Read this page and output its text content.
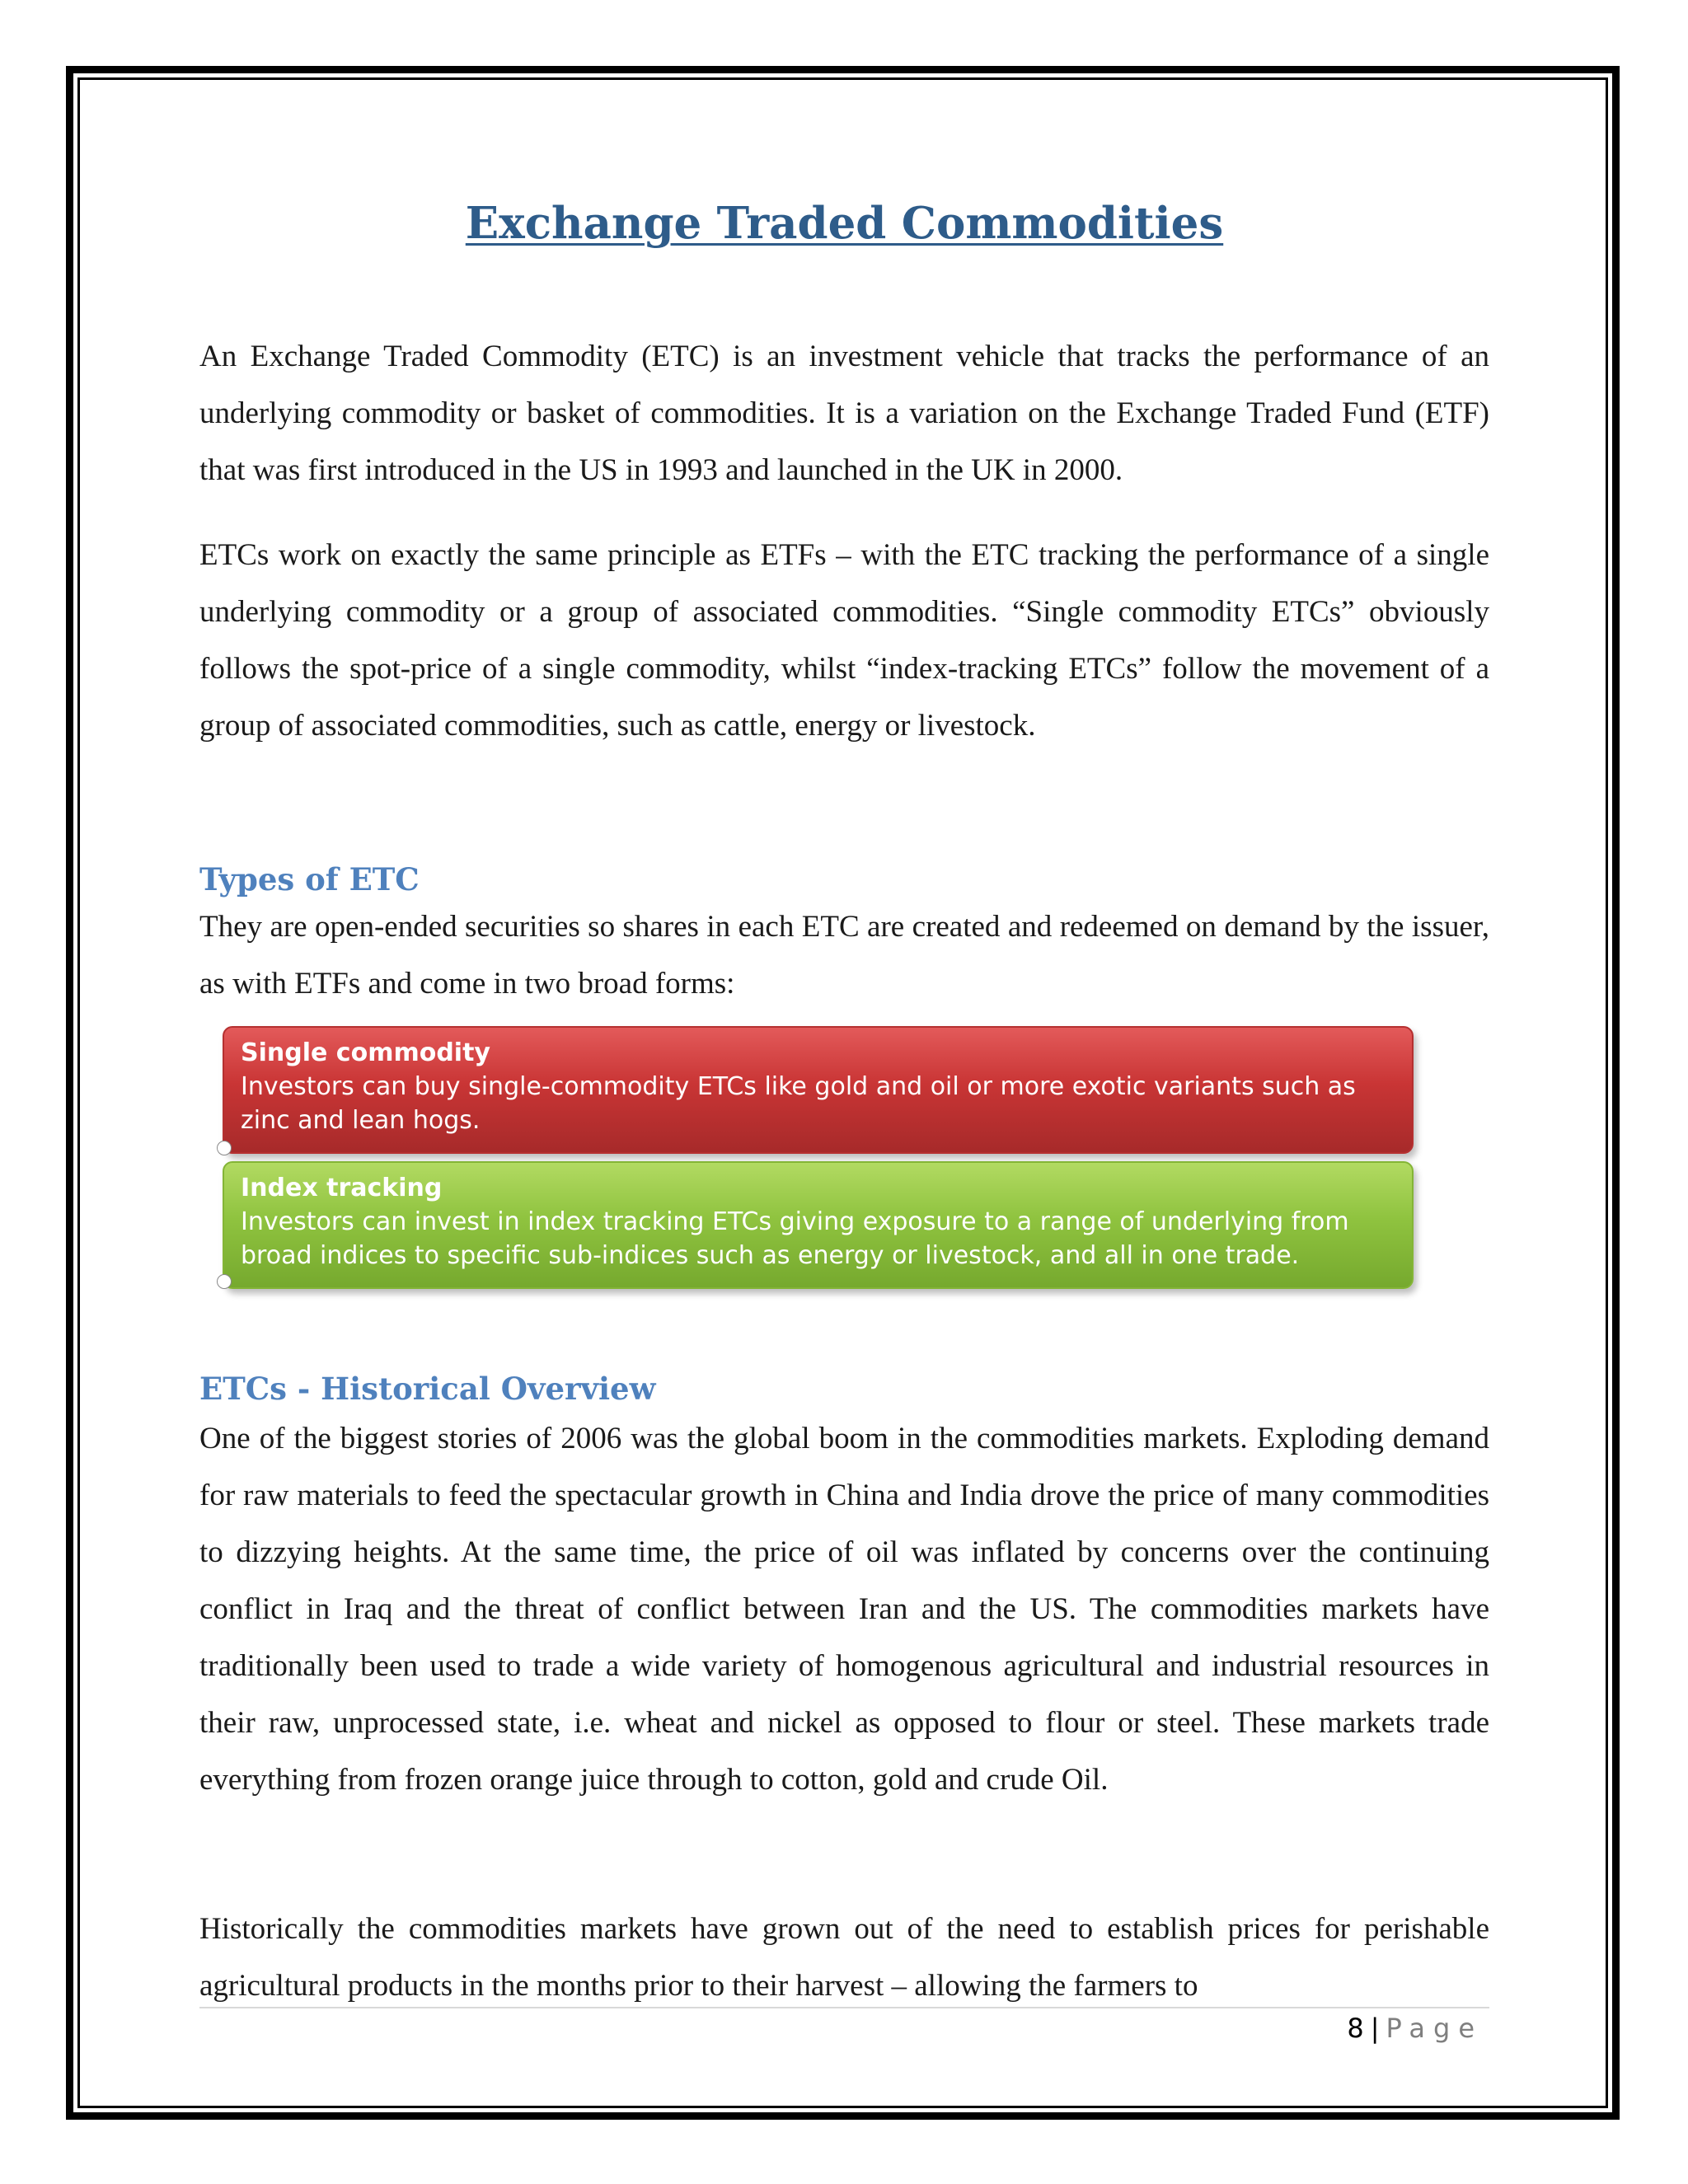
Exchange Traded Commodities

An Exchange Traded Commodity (ETC) is an investment vehicle that tracks the performance of an underlying commodity or basket of commodities. It is a variation on the Exchange Traded Fund (ETF) that was first introduced in the US in 1993 and launched in the UK in 2000.

ETCs work on exactly the same principle as ETFs – with the ETC tracking the performance of a single underlying commodity or a group of associated commodities. “Single commodity ETCs” obviously follows the spot-price of a single commodity, whilst “index-tracking ETCs” follow the movement of a group of associated commodities, such as cattle, energy or livestock.

Types of ETC

They are open-ended securities so shares in each ETC are created and redeemed on demand by the issuer, as with ETFs and come in two broad forms:

ETCs - Historical Overview

One of the biggest stories of 2006 was the global boom in the commodities markets. Exploding demand for raw materials to feed the spectacular growth in China and India drove the price of many commodities to dizzying heights. At the same time, the price of oil was inflated by concerns over the continuing conflict in Iraq and the threat of conflict between Iran and the US. The commodities markets have traditionally been used to trade a wide variety of homogenous agricultural and industrial resources in their raw, unprocessed state, i.e. wheat and nickel as opposed to flour or steel. These markets trade everything from frozen orange juice through to cotton, gold and crude Oil.

Historically the commodities markets have grown out of the need to establish prices for perishable agricultural products in the months prior to their harvest – allowing the farmers to

Single commodity
Investors can buy single-commodity ETCs like gold and oil or more exotic variants such as zinc and lean hogs.
Index tracking
Investors can invest in index tracking ETCs giving exposure to a range of underlying from broad indices to specific sub-indices such as energy or livestock, and all in one trade.
8 | Page
